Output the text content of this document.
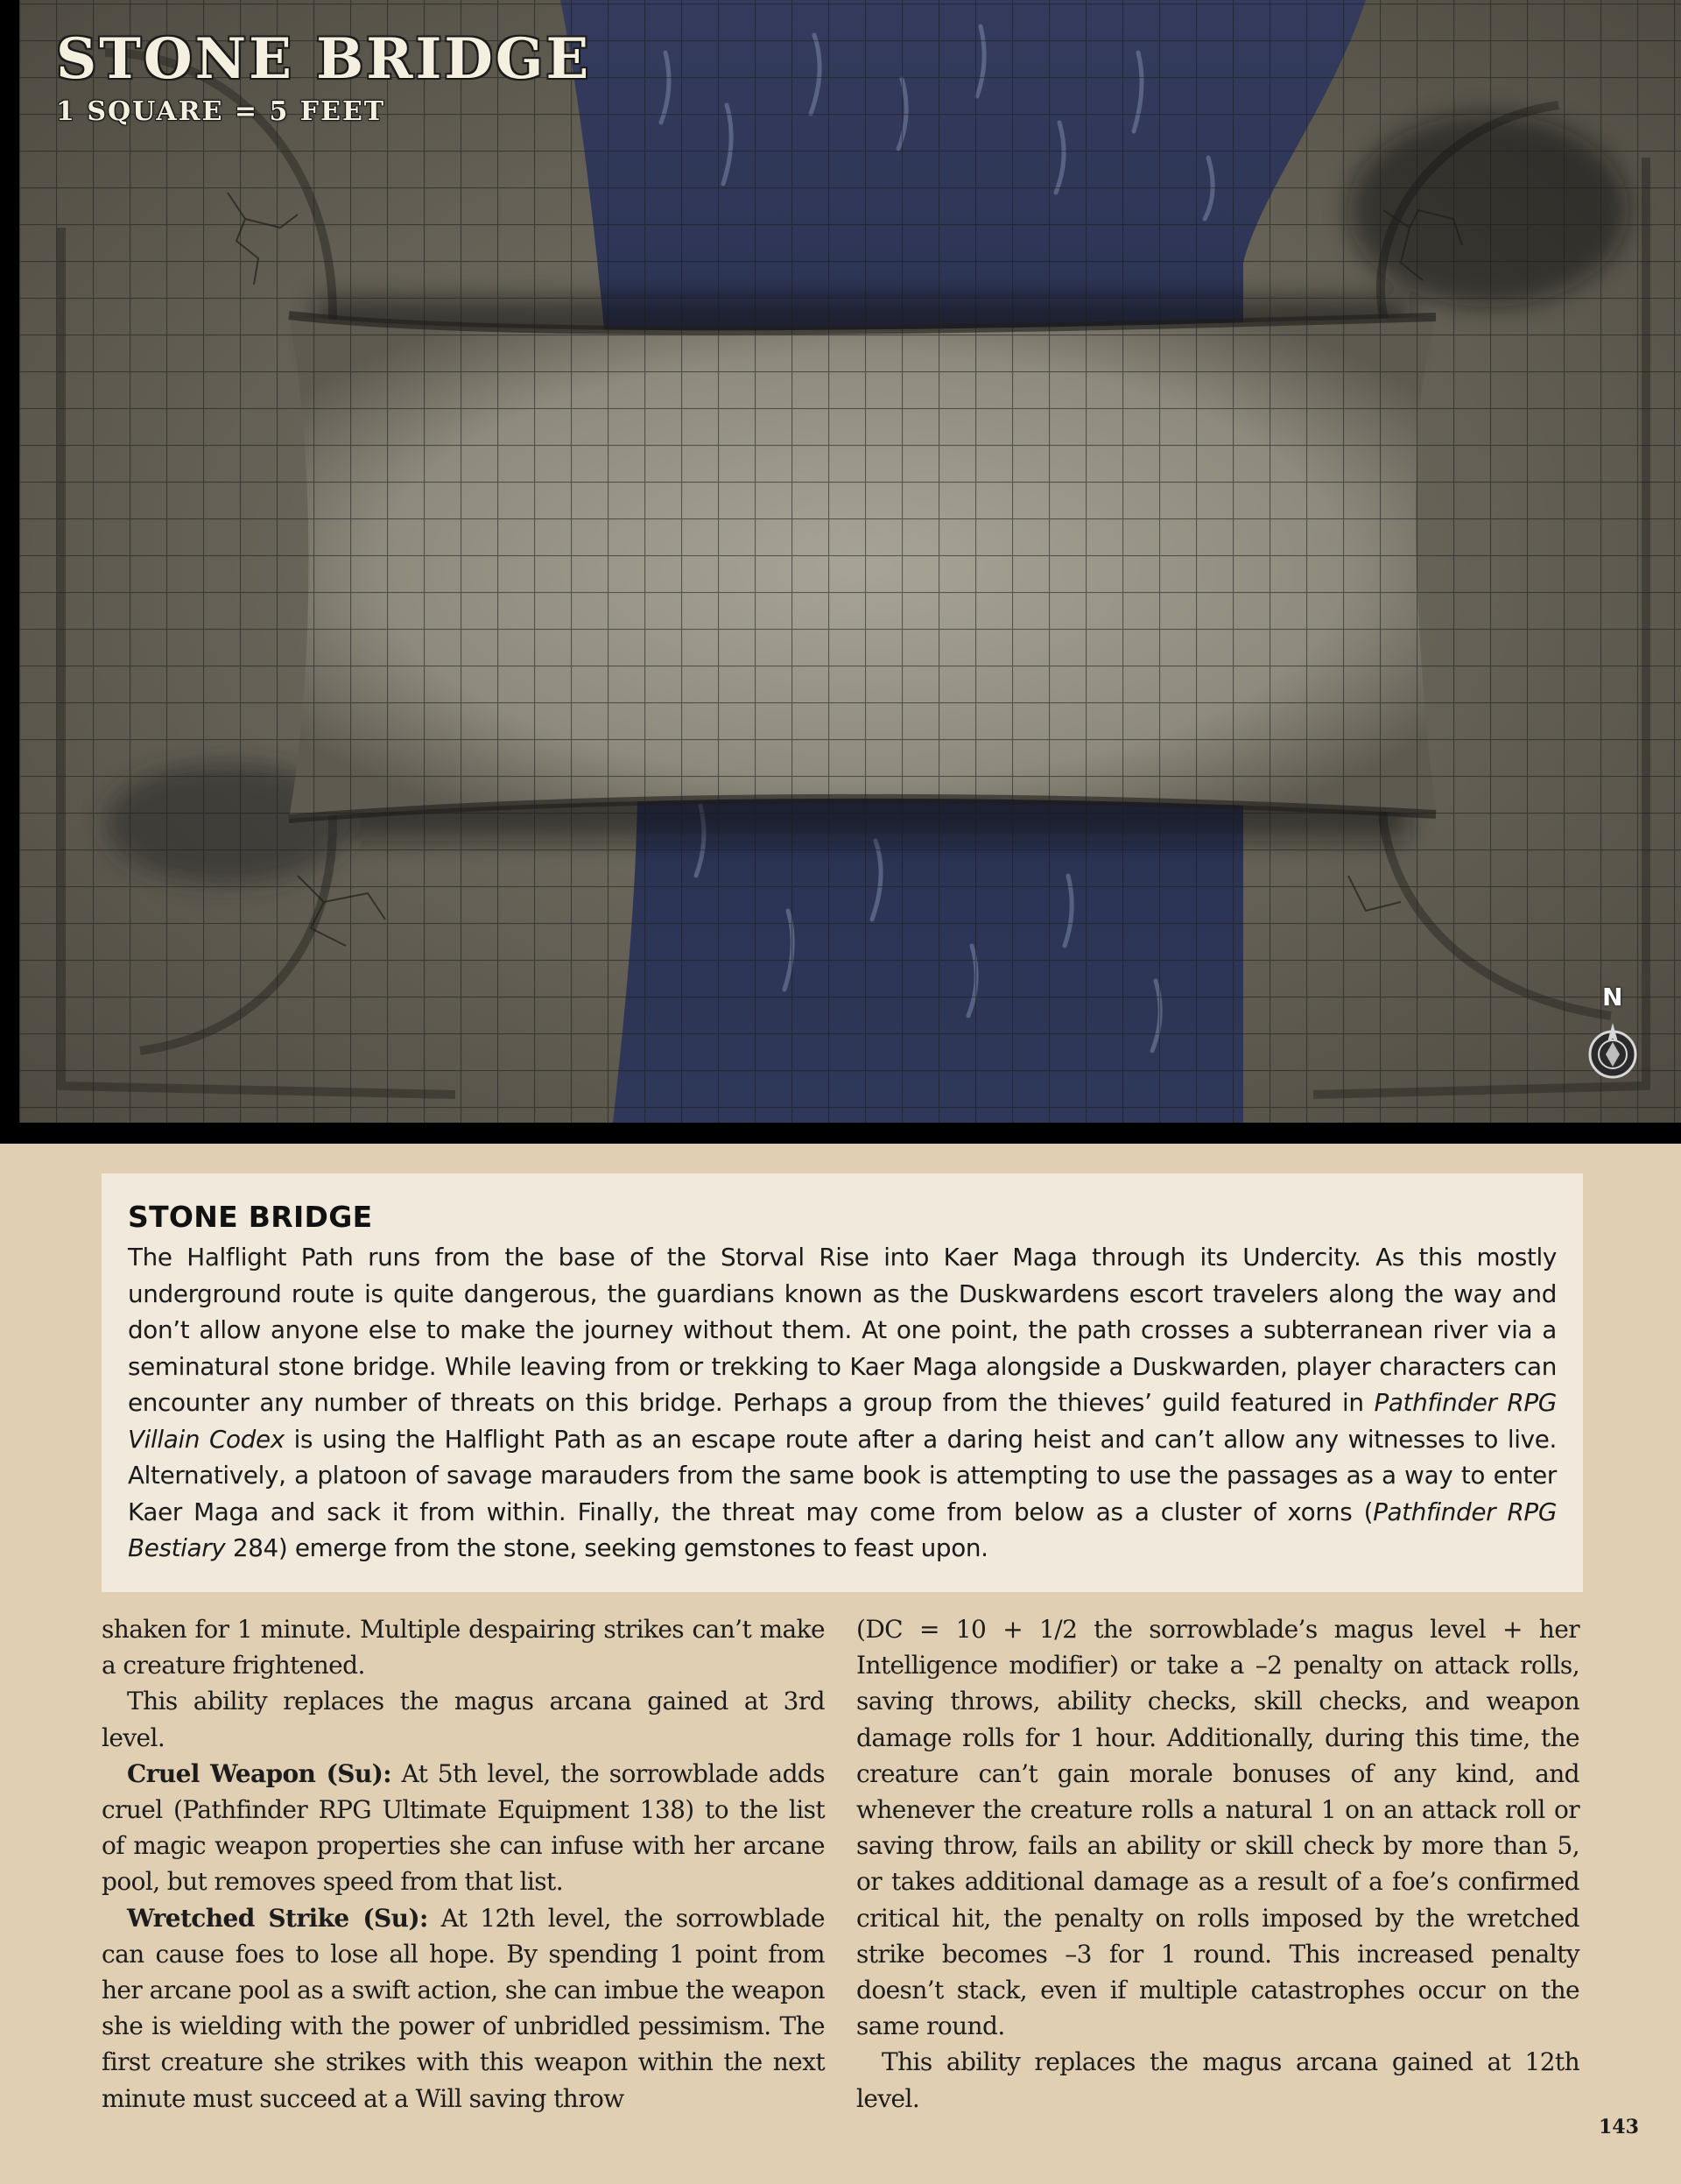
STONE BRIDGE
1 SQUARE = 5 FEET
N
STONE BRIDGE

The Halflight Path runs from the base of the Storval Rise into Kaer Maga through its Undercity. As this mostly underground route is quite dangerous, the guardians known as the Duskwardens escort travelers along the way and don’t allow anyone else to make the journey without them. At one point, the path crosses a subterranean river via a seminatural stone bridge. While leaving from or trekking to Kaer Maga alongside a Duskwarden, player characters can encounter any number of threats on this bridge. Perhaps a group from the thieves’ guild featured in Pathfinder RPG Villain Codex is using the Halflight Path as an escape route after a daring heist and can’t allow any witnesses to live. Alternatively, a platoon of savage marauders from the same book is attempting to use the passages as a way to enter Kaer Maga and sack it from within. Finally, the threat may come from below as a cluster of xorns (Pathfinder RPG Bestiary 284) emerge from the stone, seeking gemstones to feast upon.

shaken for 1 minute. Multiple despairing strikes can’t make a creature frightened.

This ability replaces the magus arcana gained at 3rd level.

Cruel Weapon (Su): At 5th level, the sorrowblade adds cruel (Pathfinder RPG Ultimate Equipment 138) to the list of magic weapon properties she can infuse with her arcane pool, but removes speed from that list.

Wretched Strike (Su): At 12th level, the sorrowblade can cause foes to lose all hope. By spending 1 point from her arcane pool as a swift action, she can imbue the weapon she is wielding with the power of unbridled pessimism. The first creature she strikes with this weapon within the next minute must succeed at a Will saving throw

(DC = 10 + 1/2 the sorrowblade’s magus level + her Intelligence modifier) or take a –2 penalty on attack rolls, saving throws, ability checks, skill checks, and weapon damage rolls for 1 hour. Additionally, during this time, the creature can’t gain morale bonuses of any kind, and whenever the creature rolls a natural 1 on an attack roll or saving throw, fails an ability or skill check by more than 5, or takes additional damage as a result of a foe’s confirmed critical hit, the penalty on rolls imposed by the wretched strike becomes –3 for 1 round. This increased penalty doesn’t stack, even if multiple catastrophes occur on the same round.

This ability replaces the magus arcana gained at 12th level.

143
